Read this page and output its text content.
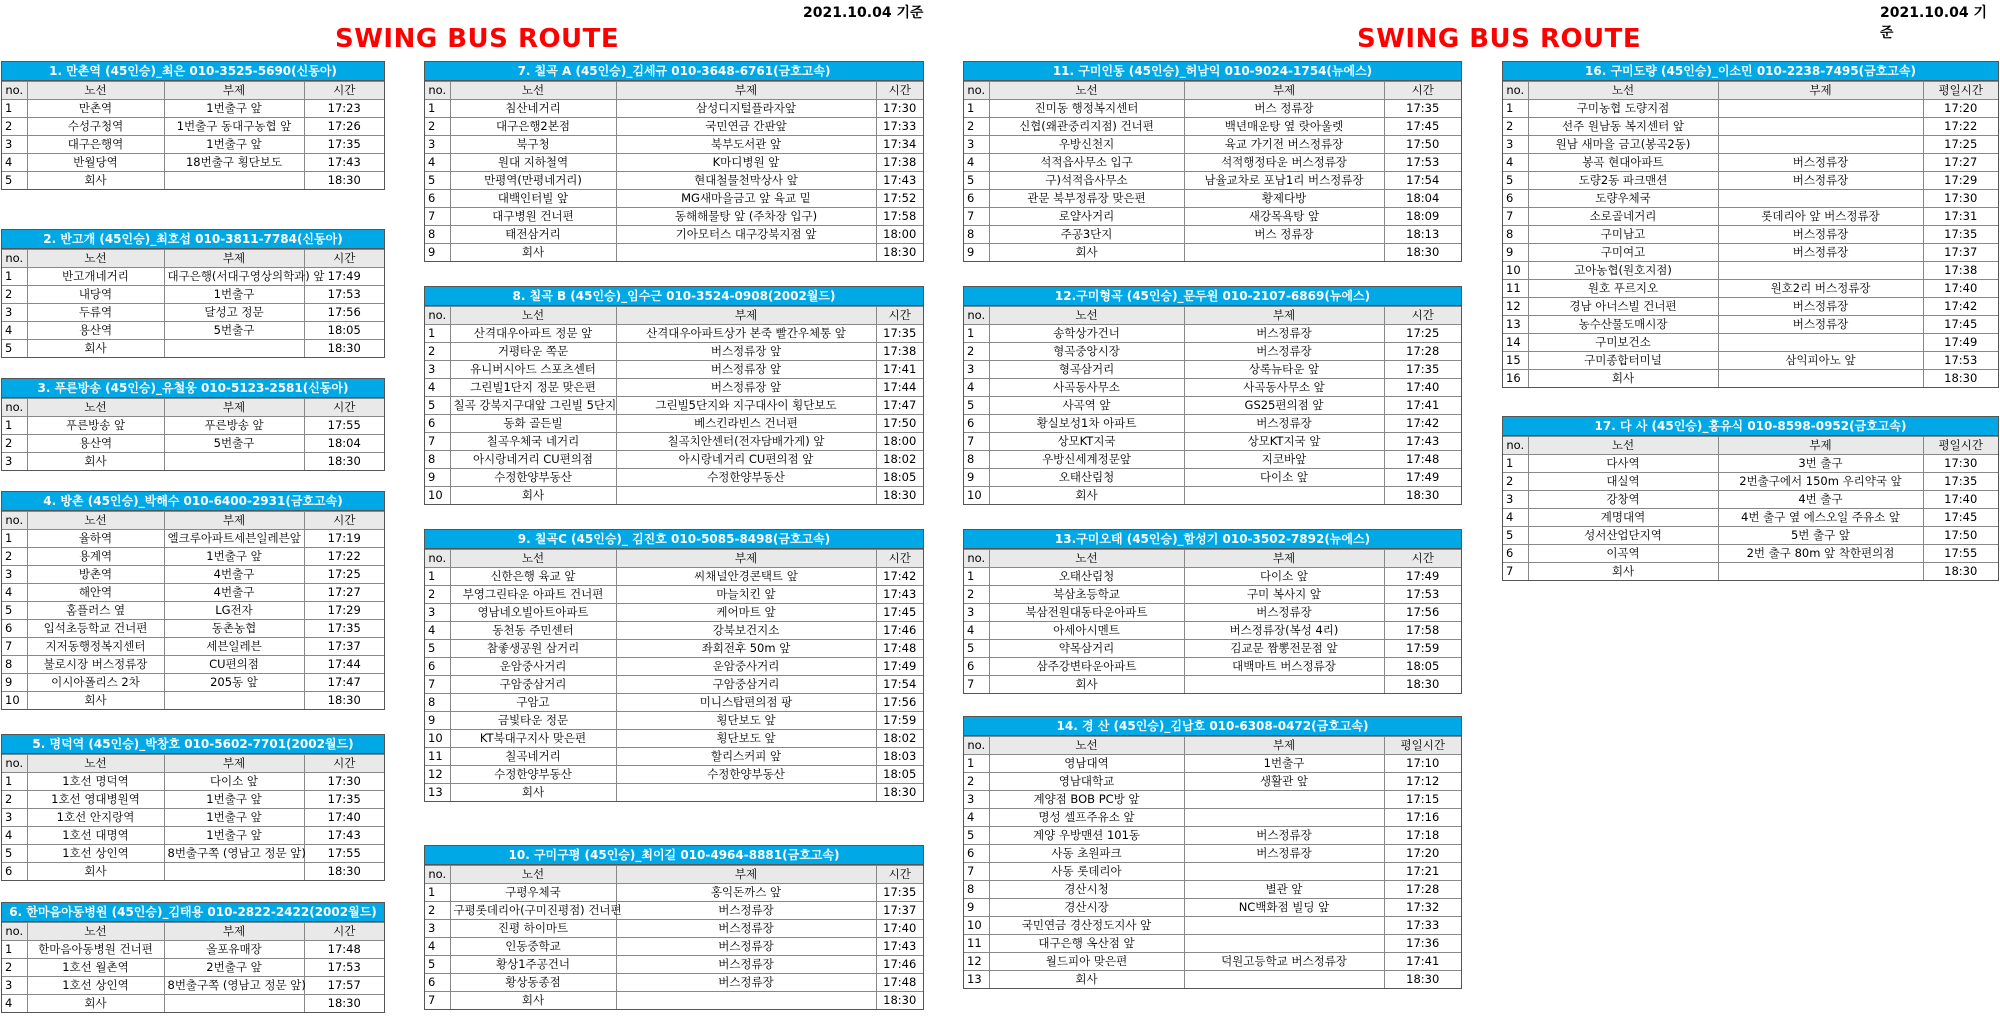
2021.10.04 기준	2021.10.04 기준
SWING BUS ROUTE	SWING BUS ROUTE
1. 만촌역 (45인승)_최은 010-3525-5690(신동아)
no.	노선	부제	시간
1	만촌역	1번출구 앞	17:23
2	수성구청역	1번출구 동대구농협 앞	17:26
3	대구은행역	1번출구 앞	17:35
4	반월당역	18번출구 횡단보도	17:43
5	회사		18:30
2. 반고개 (45인승)_최호섭 010-3811-7784(신동아)
no.	노선	부제	시간
1	반고개네거리	대구은행(서대구영상의학과) 앞	17:49
2	내당역	1번출구	17:53
3	두류역	달성고 정문	17:56
4	용산역	5번출구	18:05
5	회사		18:30
3. 푸른방송 (45인승)_유철웅 010-5123-2581(신동아)
no.	노선	부제	시간
1	푸른방송 앞	푸른방송 앞	17:55
2	용산역	5번출구	18:04
3	회사		18:30
4. 방촌 (45인승)_박해수 010-6400-2931(금호고속)
no.	노선	부제	시간
1	율하역	엘크루아파트세븐일레븐앞	17:19
2	용계역	1번출구 앞	17:22
3	방촌역	4번출구	17:25
4	해안역	4번출구	17:27
5	홈플러스 옆	LG전자	17:29
6	입석초등학교 건너편	동촌농협	17:35
7	지저동행정복지센터	세븐일레븐	17:37
8	불로시장 버스정류장	CU편의점	17:44
9	이시아폴리스 2차	205동 앞	17:47
10	회사		18:30
5. 명덕역 (45인승)_박창호 010-5602-7701(2002월드)
no.	노선	부제	시간
1	1호선 명덕역	다이소 앞	17:30
2	1호선 영대병원역	1번출구 앞	17:35
3	1호선 안지랑역	1번출구 앞	17:40
4	1호선 대명역	1번출구 앞	17:43
5	1호선 상인역	8번출구쪽 (영남고 정문 앞)	17:55
6	회사		18:30
6. 한마음아동병원 (45인승)_김태용 010-2822-2422(2002월드)
no.	노선	부제	시간
1	한마음아동병원 건너편	올포유매장	17:48
2	1호선 월촌역	2번출구 앞	17:53
3	1호선 상인역	8번출구쪽 (영남고 정문 앞)	17:57
4	회사		18:30
7. 칠곡 A (45인승)_김세규 010-3648-6761(금호고속)
no.	노선	부제	시간
1	침산네거리	삼성디지털플라자앞	17:30
2	대구은행2본점	국민연금 간판앞	17:33
3	북구청	북부도서관 앞	17:34
4	원대 지하철역	K마디병원 앞	17:38
5	만평역(만평네거리)	현대철물천막상사 앞	17:43
6	대백인터빌 앞	MG새마을금고 앞 육교 밑	17:52
7	대구병원 건너편	동해해물탕 앞 (주차장 입구)	17:58
8	태전삼거리	기아모터스 대구강북지점 앞	18:00
9	회사		18:30
8. 칠곡 B (45인승)_임수근 010-3524-0908(2002월드)
no.	노선	부제	시간
1	산격대우아파트 정문 앞	산격대우아파트상가 본죽 빨간우체통 앞	17:35
2	거평타운 쪽문	버스정류장 앞	17:38
3	유니버시아드 스포츠센터	버스정류장 앞	17:41
4	그린빌1단지 정문 맞은편	버스정류장 앞	17:44
5	칠곡 강북지구대앞 그린빌 5단지	그린빌5단지와 지구대사이 횡단보도	17:47
6	동화 골든빌	베스킨라빈스 건너편	17:50
7	칠곡우체국 네거리	칠곡치안센터(전자담배가게) 앞	18:00
8	아시랑네거리 CU편의점	아시랑네거리 CU편의점 앞	18:02
9	수정한양부동산	수정한양부동산	18:05
10	회사		18:30
9. 칠곡C (45인승)_ 김진호 010-5085-8498(금호고속)
no.	노선	부제	시간
1	신한은행 육교 앞	씨채널안경콘택트 앞	17:42
2	부영그린타운 아파트 건너편	마늘치킨 앞	17:43
3	영남네오빌아트아파트	케어마트 앞	17:45
4	동천동 주민센터	강북보건지소	17:46
5	참좋생공원 삼거리	좌회전후 50m 앞	17:48
6	운암중사거리	운암중사거리	17:49
7	구암중삼거리	구암중삼거리	17:54
8	구암고	미니스탑편의점 팡	17:56
9	금빛타운 정문	횡단보도 앞	17:59
10	KT북대구지사 맞은편	횡단보도 앞	18:02
11	칠곡네거리	할리스커피 앞	18:03
12	수정한양부동산	수정한양부동산	18:05
13	회사		18:30
10. 구미구평 (45인승)_최이길 010-4964-8881(금호고속)
no.	노선	부제	시간
1	구평우체국	홍익돈까스 앞	17:35
2	구평롯데리아(구미진평점) 건너편	버스정류장	17:37
3	진평 하이마트	버스정류장	17:40
4	인동중학교	버스정류장	17:43
5	황상1주공건너	버스정류장	17:46
6	황상동종점	버스정류장	17:48
7	회사		18:30
11. 구미인동 (45인승)_허남익 010-9024-1754(뉴에스)
no.	노선	부제	시간
1	진미동 행정복지센터	버스 정류장	17:35
2	신협(왜관중리지점) 건너편	백년매운탕 옆 랏아울렛	17:45
3	우방신천지	육교 가기전 버스정류장	17:50
4	석적읍사무소 입구	석적행정타운 버스정류장	17:53
5	구)석적읍사무소	남율교차로 포남1리 버스정류장	17:54
6	관문 북부정류장 맞은편	황제다방	18:04
7	로얄사거리	새강목욕탕 앞	18:09
8	주공3단지	버스 정류장	18:13
9	회사		18:30
12.구미형곡 (45인승)_문두원 010-2107-6869(뉴에스)
no.	노선	부제	시간
1	송학상가건너	버스정류장	17:25
2	형곡중앙시장	버스정류장	17:28
3	형곡삼거리	상록뉴타운 앞	17:35
4	사곡동사무소	사곡동사무소 앞	17:40
5	사곡역 앞	GS25편의점 앞	17:41
6	황실보성1차 아파트	버스정류장	17:42
7	상모KT지국	상모KT지국 앞	17:43
8	우방신세계정문앞	지코바앞	17:48
9	오태산림청	다이소 앞	17:49
10	회사		18:30
13.구미오태 (45인승)_함성기 010-3502-7892(뉴에스)
no.	노선	부제	시간
1	오태산림청	다이소 앞	17:49
2	북삼초등학교	구미 복사지 앞	17:53
3	북삼전원대동타운아파트	버스정류장	17:56
4	아세아시멘트	버스정류장(복성 4리)	17:58
5	약목삼거리	김교문 짬뽕전문점 앞	17:59
6	삼주강변타운아파트	대백마트 버스정류장	18:05
7	회사		18:30
14. 경 산 (45인승)_김남호 010-6308-0472(금호고속)
no.	노선	부제	평일시간
1	영남대역	1번출구	17:10
2	영남대학교	생활관 앞	17:12
3	계양점 BOB PC방 앞		17:15
4	명성 셀프주유소 앞		17:16
5	계양 우방맨션 101동	버스정류장	17:18
6	사동 초원파크	버스정류장	17:20
7	사동 롯데리아		17:21
8	경산시청	별관 앞	17:28
9	경산시장	NC백화점 빌딩 앞	17:32
10	국민연금 경산정도지사 앞		17:33
11	대구은행 옥산점 앞		17:36
12	월드피아 맞은편	덕원고등학교 버스정류장	17:41
13	회사		18:30
16. 구미도량 (45인승)_이소민 010-2238-7495(금호고속)
no.	노선	부제	평일시간
1	구미농협 도량지점		17:20
2	선주 원남동 복지센터 앞		17:22
3	원남 새마을 금고(봉곡2동)		17:25
4	봉곡 현대아파트	버스정류장	17:27
5	도량2동 파크맨션	버스정류장	17:29
6	도량우체국		17:30
7	소로골네거리	롯데리아 앞 버스정류장	17:31
8	구미남고	버스정류장	17:35
9	구미여고	버스정류장	17:37
10	고아농협(원호지점)		17:38
11	원호 푸르지오	원호2리 버스정류장	17:40
12	경남 아너스빌 건너편	버스정류장	17:42
13	농수산물도매시장	버스정류장	17:45
14	구미보건소		17:49
15	구미종합터미널	삼익피아노 앞	17:53
16	회사		18:30
17. 다 사 (45인승)_홍유식 010-8598-0952(금호고속)
no.	노선	부제	평일시간
1	다사역	3번 출구	17:30
2	대실역	2번출구에서 150m 우리약국 앞	17:35
3	강창역	4번 출구	17:40
4	계명대역	4번 출구 옆 에스오일 주유소 앞	17:45
5	성서산업단지역	5번 출구 앞	17:50
6	이곡역	2번 출구 80m 앞 착한편의점	17:55
7	회사		18:30
